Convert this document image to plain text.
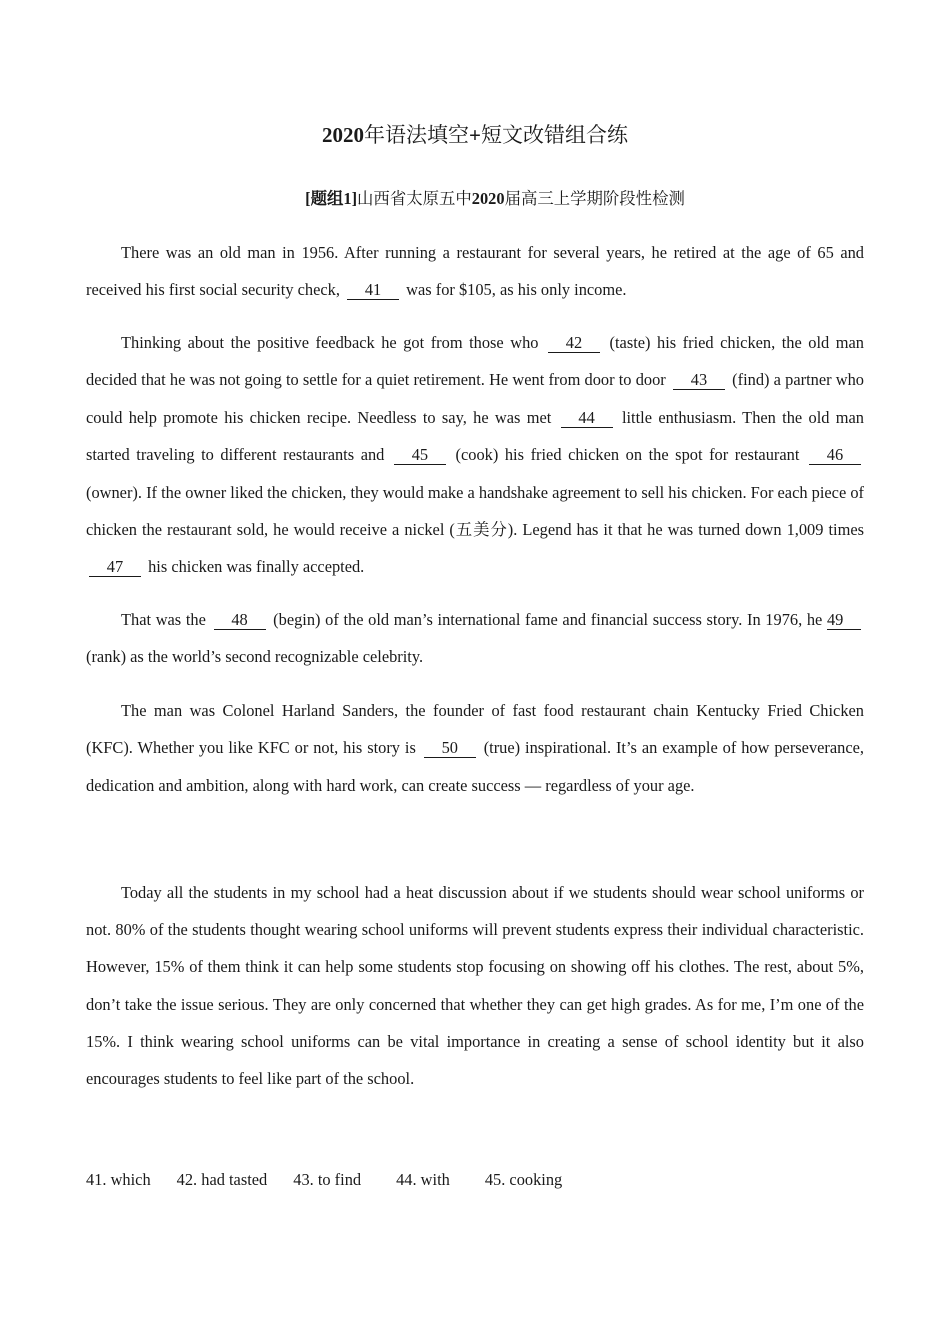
2020年语法填空+短文改错组合练
[题组1]山西省太原五中2020届高三上学期阶段性检测
There was an old man in 1956. After running a restaurant for several years, he retired at the age of 65 and received his first social security check, 41 was for $105, as his only income.
Thinking about the positive feedback he got from those who 42 (taste) his fried chicken, the old man decided that he was not going to settle for a quiet retirement. He went from door to door 43 (find) a partner who could help promote his chicken recipe. Needless to say, he was met 44 little enthusiasm. Then the old man started traveling to different restaurants and 45 (cook) his fried chicken on the spot for restaurant 46 (owner). If the owner liked the chicken, they would make a handshake agreement to sell his chicken. For each piece of chicken the restaurant sold, he would receive a nickel (五美分). Legend has it that he was turned down 1,009 times 47 his chicken was finally accepted.
That was the 48 (begin) of the old man’s international fame and financial success story. In 1976, he 49 (rank) as the world’s second recognizable celebrity.
The man was Colonel Harland Sanders, the founder of fast food restaurant chain Kentucky Fried Chicken (KFC). Whether you like KFC or not, his story is 50 (true) inspirational. It’s an example of how perseverance, dedication and ambition, along with hard work, can create success — regardless of your age.
Today all the students in my school had a heat discussion about if we students should wear school uniforms or not. 80% of the students thought wearing school uniforms will prevent students express their individual characteristic. However, 15% of them think it can help some students stop focusing on showing off his clothes. The rest, about 5%, don’t take the issue serious. They are only concerned that whether they can get high grades. As for me, I’m one of the 15%. I think wearing school uniforms can be vital importance in creating a sense of school identity but it also encourages students to feel like part of the school.
41. which 42. had tasted 43. to find 44. with 45. cooking
